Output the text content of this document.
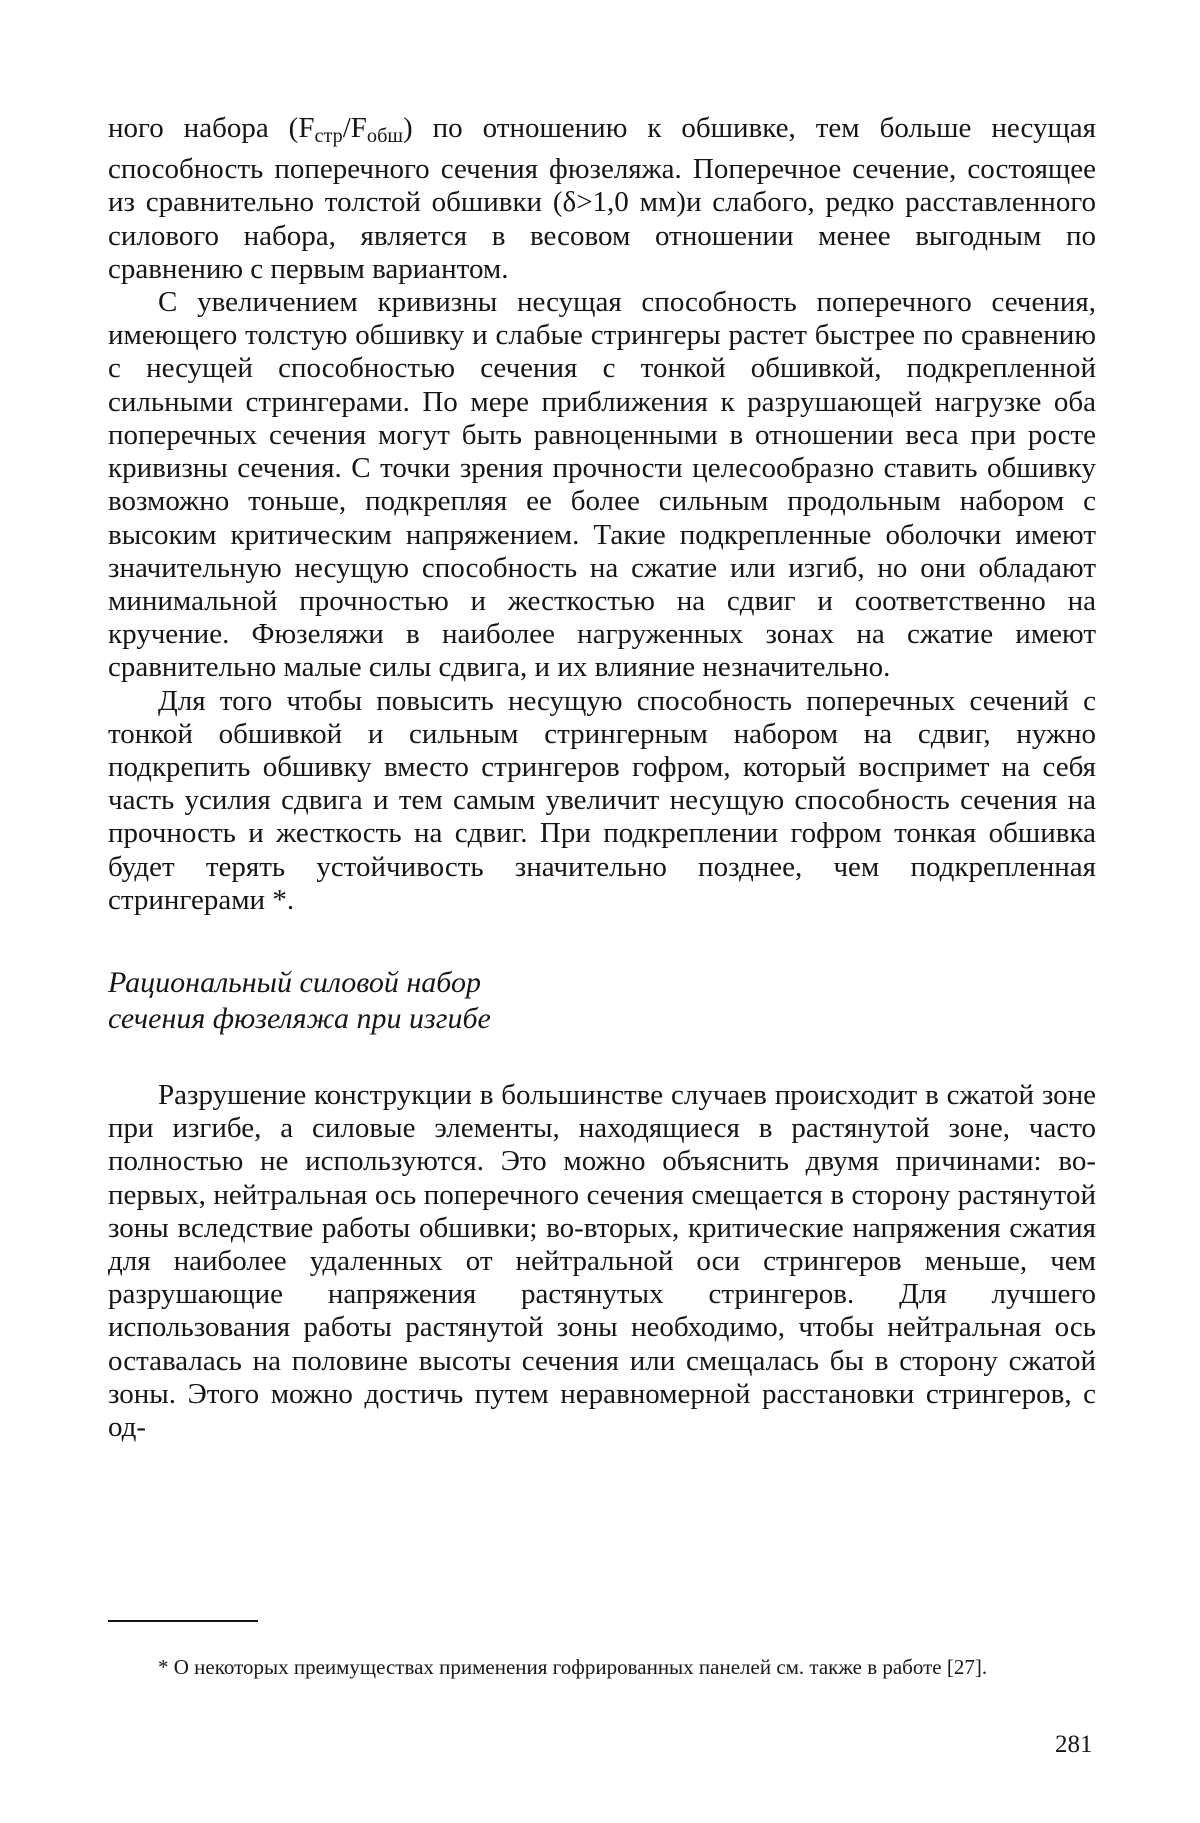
ного набора $(F_{стр}/F_{обш})$ по отношению к обшивке, тем больше несущая способность поперечного сечения фюзеляжа. Поперечное сечение, состоящее из сравнительно толстой обшивки (δ>1,0 мм)и слабого, редко расставленного силового набора, является в весовом отношении менее выгодным по сравнению с первым вариантом.

С увеличением кривизны несущая способность поперечного сечения, имеющего толстую обшивку и слабые стрингеры растет быстрее по сравнению с несущей способностью сечения с тонкой обшивкой, подкрепленной сильными стрингерами. По мере приближения к разрушающей нагрузке оба поперечных сечения могут быть равноценными в отношении веса при росте кривизны сечения. С точки зрения прочности целесообразно ставить обшивку возможно тоньше, подкрепляя ее более сильным продольным набором с высоким критическим напряжением. Такие подкрепленные оболочки имеют значительную несущую способность на сжатие или изгиб, но они обладают минимальной прочностью и жесткостью на сдвиг и соответственно на кручение. Фюзеляжи в наиболее нагруженных зонах на сжатие имеют сравнительно малые силы сдвига, и их влияние незначительно.

Для того чтобы повысить несущую способность поперечных сечений с тонкой обшивкой и сильным стрингерным набором на сдвиг, нужно подкрепить обшивку вместо стрингеров гофром, который воспримет на себя часть усилия сдвига и тем самым увеличит несущую способность сечения на прочность и жесткость на сдвиг. При подкреплении гофром тонкая обшивка будет терять устойчивость значительно позднее, чем подкрепленная стрингерами *.

Рациональный силовой набор
сечения фюзеляжа при изгибе

Разрушение конструкции в большинстве случаев происходит в сжатой зоне при изгибе, а силовые элементы, находящиеся в растянутой зоне, часто полностью не используются. Это можно объяснить двумя причинами: во-первых, нейтральная ось поперечного сечения смещается в сторону растянутой зоны вследствие работы обшивки; во-вторых, критические напряжения сжатия для наиболее удаленных от нейтральной оси стрингеров меньше, чем разрушающие напряжения растянутых стрингеров. Для лучшего использования работы растянутой зоны необходимо, чтобы нейтральная ось оставалась на половине высоты сечения или смещалась бы в сторону сжатой зоны. Этого можно достичь путем неравномерной расстановки стрингеров, с од-

* О некоторых преимуществах применения гофрированных панелей см. также в работе [27].

281
